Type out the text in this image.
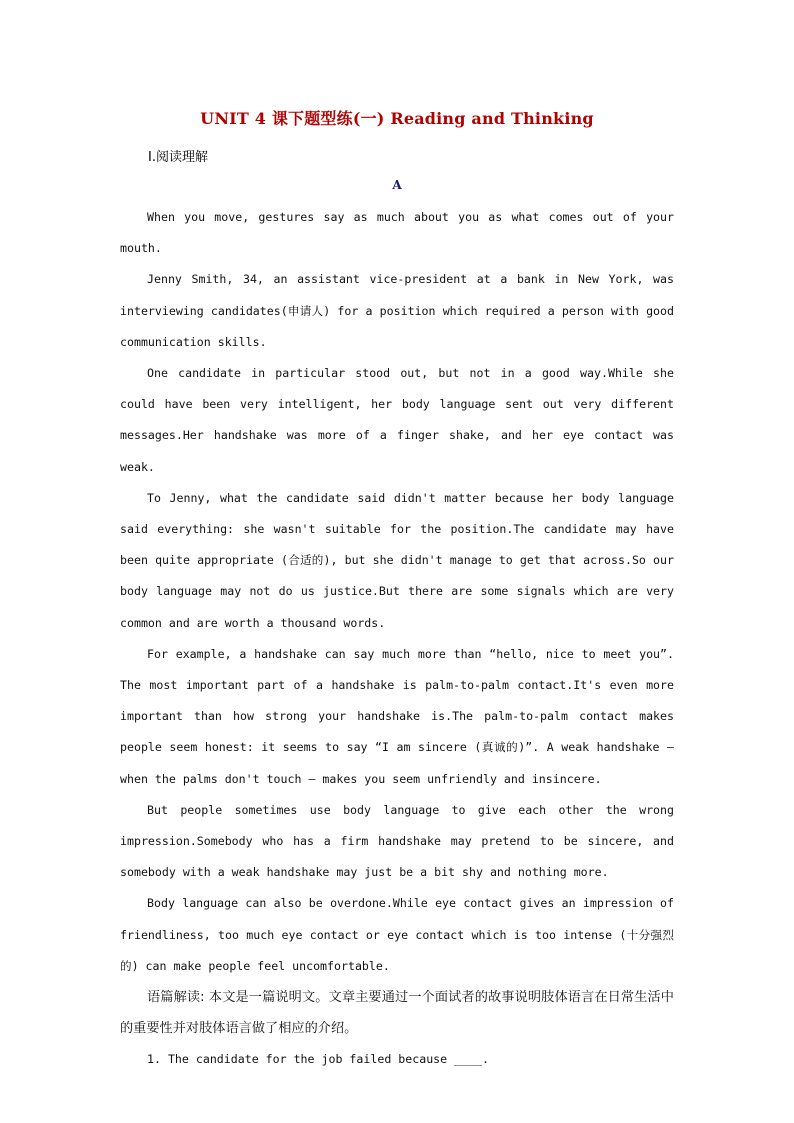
UNIT 4 课下题型练(一) Reading and Thinking
Ⅰ.阅读理解
A

When you move, gestures say as much about you as what comes out of your mouth.

Jenny Smith, 34, an assistant vice-president at a bank in New York, was interviewing candidates(申请人) for a position which required a person with good communication skills.

One candidate in particular stood out, but not in a good way.While she could have been very intelligent, her body language sent out very different messages.Her handshake was more of a finger shake, and her eye contact was weak.

To Jenny, what the candidate said didn't matter because her body language said everything: she wasn't suitable for the position.The candidate may have been quite appropriate (合适的), but she didn't manage to get that across.So our body language may not do us justice.But there are some signals which are very common and are worth a thousand words.

For example, a handshake can say much more than “hello, nice to meet you”. The most important part of a handshake is palm-to-palm contact.It's even more important than how strong your handshake is.The palm-to-palm contact makes people seem honest: it seems to say “I am sincere (真诚的)”. A weak handshake — when the palms don't touch — makes you seem unfriendly and insincere.

But people sometimes use body language to give each other the wrong impression.Somebody who has a firm handshake may pretend to be sincere, and somebody with a weak handshake may just be a bit shy and nothing more.

Body language can also be overdone.While eye contact gives an impression of friendliness, too much eye contact or eye contact which is too intense (十分强烈的) can make people feel uncomfortable.

语篇解读: 本文是一篇说明文。文章主要通过一个面试者的故事说明肢体语言在日常生活中的重要性并对肢体语言做了相应的介绍。

1. The candidate for the job failed because ____.
